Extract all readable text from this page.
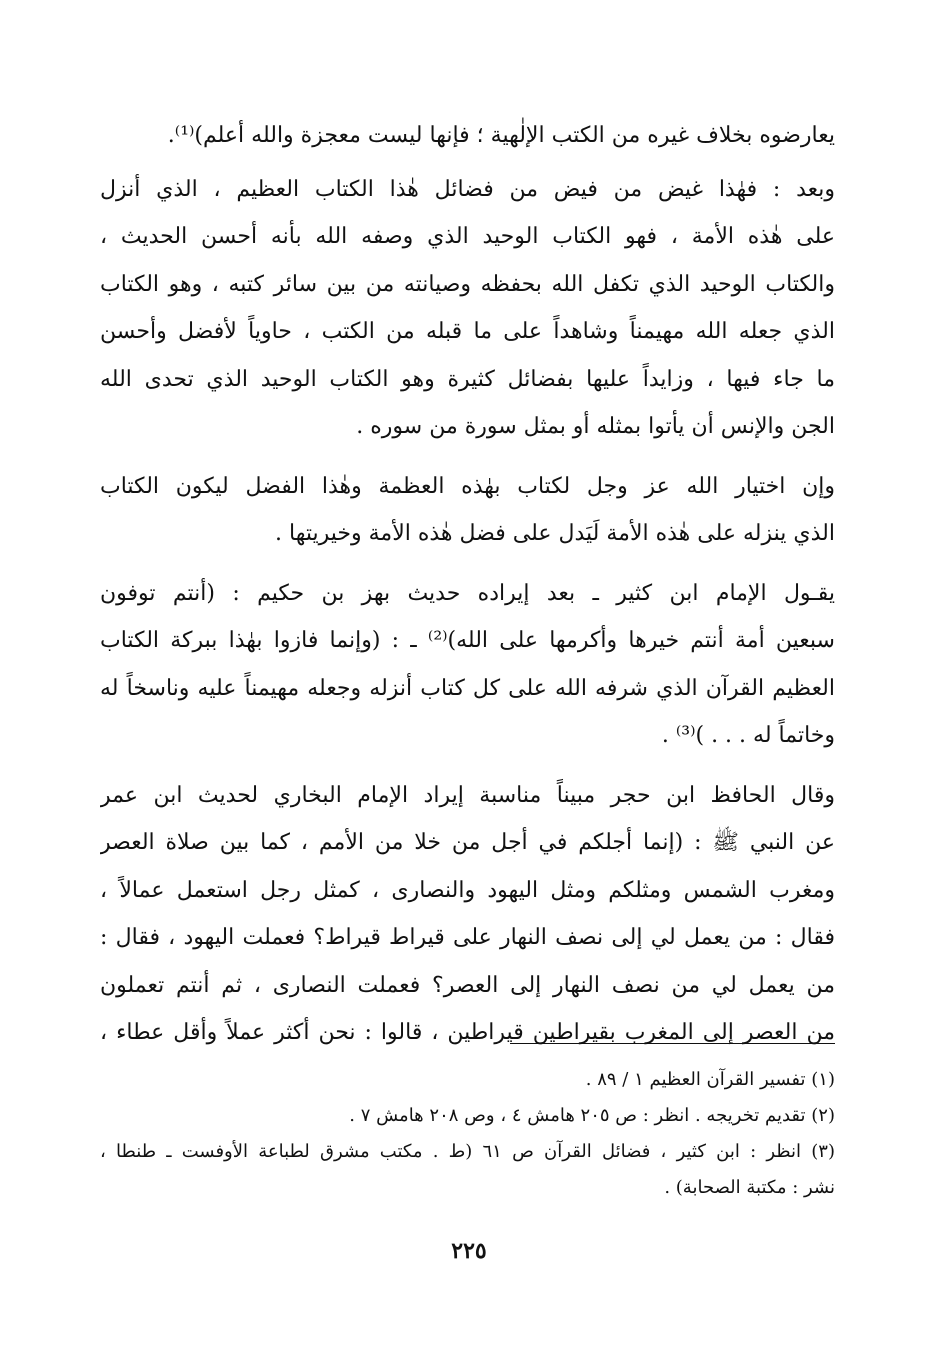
يعارضوه بخلاف غيره من الكتب الإلٰهية ؛ فإنها ليست معجزة والله أعلم)⁽¹⁾.
وبعد : فهٰذا غيض من فيض من فضائل هٰذا الكتاب العظيم ، الذي أنزل
على هٰذه الأمة ، فهو الكتاب الوحيد الذي وصفه الله بأنه أحسن الحديث ،
والكتاب الوحيد الذي تكفل الله بحفظه وصيانته من بين سائر كتبه ، وهو الكتاب
الذي جعله الله مهيمناً وشاهداً على ما قبله من الكتب ، حاوياً لأفضل وأحسن
ما جاء فيها ، وزايداً عليها بفضائل كثيرة وهو الكتاب الوحيد الذي تحدى الله
الجن والإنس أن يأتوا بمثله أو بمثل سورة من سوره .
وإن اختيار الله عز وجل لكتاب بهٰذه العظمة وهٰذا الفضل ليكون الكتاب
الذي ينزله على هٰذه الأمة لَيَدل على فضل هٰذه الأمة وخيريتها .
يقـول الإمام ابن كثير ـ بعد إيراده حديث بهز بن حكيم : (أنتم توفون
سبعين أمة أنتم خيرها وأكرمها على الله)⁽²⁾ ـ : (وإنما فازوا بهٰذا ببركة الكتاب
العظيم القرآن الذي شرفه الله على كل كتاب أنزله وجعله مهيمناً عليه وناسخاً له
وخاتماً له . . . )⁽³⁾ .
وقال الحافظ ابن حجر مبيناً مناسبة إيراد الإمام البخاري لحديث ابن عمر
عن النبي ﷺ : (إنما أجلكم في أجل من خلا من الأمم ، كما بين صلاة العصر
ومغرب الشمس ومثلكم ومثل اليهود والنصارى ، كمثل رجل استعمل عمالاً ،
فقال : من يعمل لي إلى نصف النهار على قيراط قيراط؟ فعملت اليهود ، فقال :
من يعمل لي من نصف النهار إلى العصر؟ فعملت النصارى ، ثم أنتم تعملون
من العصر إلى المغرب بقيراطين قيراطين ، قالوا : نحن أكثر عملاً وأقل عطاء ،
(١) تفسير القرآن العظيم ١ / ٨٩ .
(٢) تقديم تخريجه . انظر : ص ٢٠٥ هامش ٤ ، وص ٢٠٨ هامش ٧ .
(٣) انظر : ابن كثير ، فضائل القرآن ص ٦١ (ط . مكتب مشرق لطباعة الأوفست ـ طنطا ،
نشر : مكتبة الصحابة) .
٢٢٥
